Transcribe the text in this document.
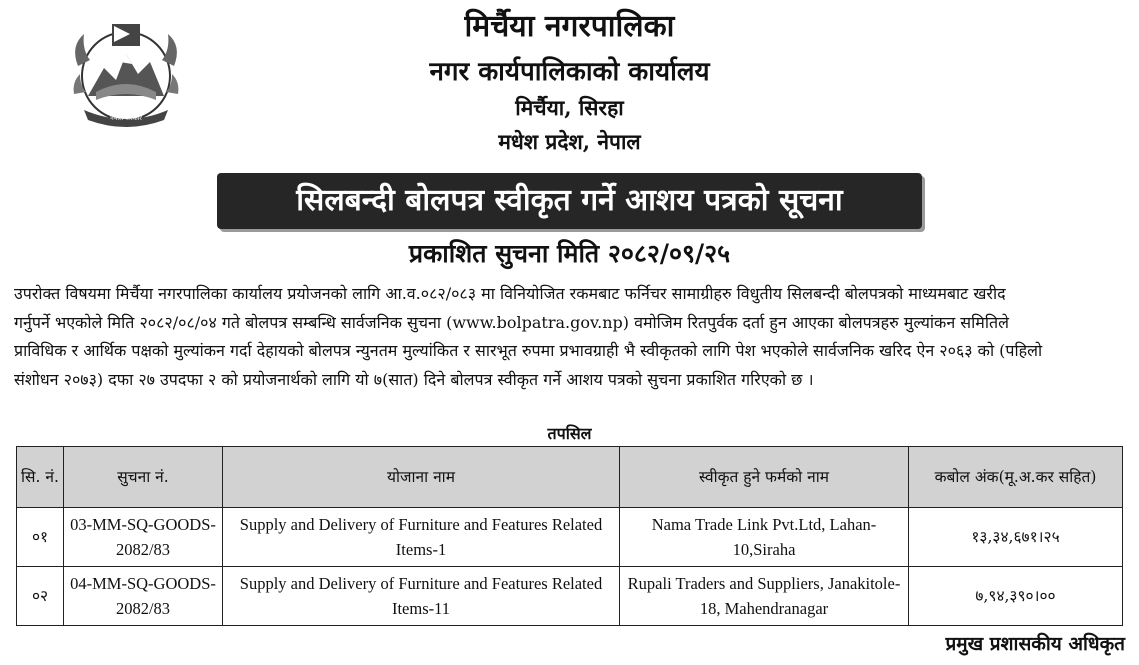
नेपाल सरकार
मिर्चैया नगरपालिका
नगर कार्यपालिकाको कार्यालय
मिर्चैया, सिरहा
मधेश प्रदेश, नेपाल
सिलबन्दी बोलपत्र स्वीकृत गर्ने आशय पत्रको सूचना
प्रकाशित सुचना मिति २०८२/०९/२५
उपरोक्त विषयमा मिर्चैया नगरपालिका कार्यालय प्रयोजनको लागि आ.व.०८२/०८३ मा विनियोजित रकमबाट फर्निचर सामाग्रीहरु विधुतीय सिलबन्दी बोलपत्रको माध्यमबाट खरीद
गर्नुपर्ने भएकोले मिति २०८२/०८/०४ गते बोलपत्र सम्बन्धि सार्वजनिक सुचना (www.bolpatra.gov.np) वमोजिम रितपुर्वक दर्ता हुन आएका बोलपत्रहरु मुल्यांकन समितिले
प्राविधिक र आर्थिक पक्षको मुल्यांकन गर्दा देहायको बोलपत्र न्युनतम मुल्यांकित र सारभूत रुपमा प्रभावग्राही भै स्वीकृतको लागि पेश भएकोले सार्वजनिक खरिद ऐन २०६३ को (पहिलो
संशोधन २०७३) दफा २७ उपदफा २ को प्रयोजनार्थको लागि यो ७(सात) दिने बोलपत्र स्वीकृत गर्ने आशय पत्रको सुचना प्रकाशित गरिएको छ ।
तपसिल
सि. नं.	सुचना नं.	योजाना नाम	स्वीकृत हुने फर्मको नाम	कबोल अंक(मू.अ.कर सहित)
०१	03-MM-SQ-GOODS-2082/83	Supply and Delivery of Furniture and Features Related Items-1	Nama Trade Link Pvt.Ltd, Lahan-10,Siraha	१३,३४,६७१।२५
०२	04-MM-SQ-GOODS-2082/83	Supply and Delivery of Furniture and Features Related Items-11	Rupali Traders and Suppliers, Janakitole-18, Mahendranagar	७,९४,३९०।००
प्रमुख प्रशासकीय अधिकृत
